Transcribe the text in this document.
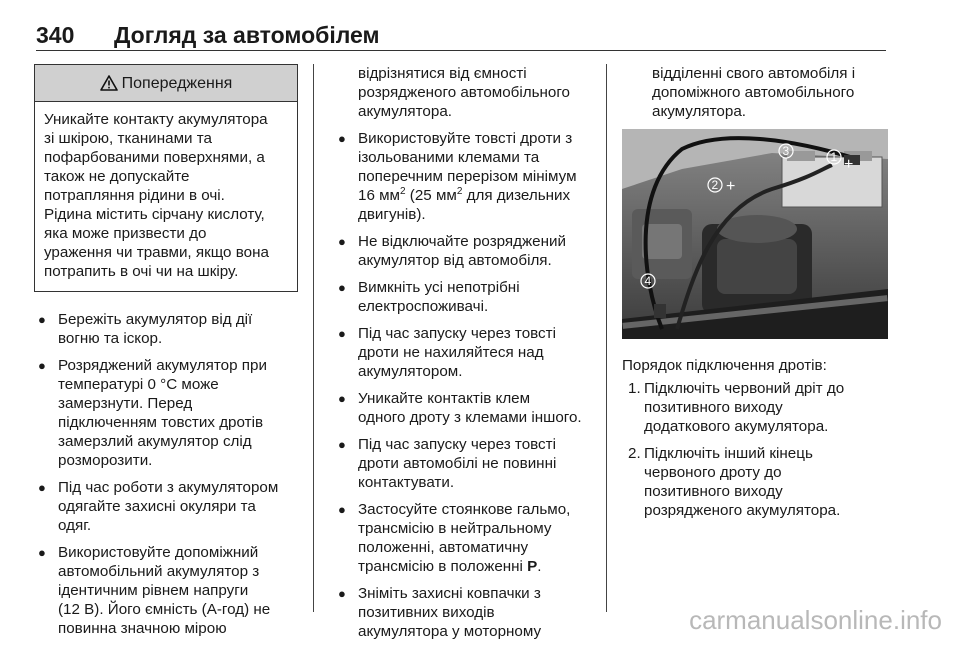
340 Догляд за автомобілем
Попередження
Уникайте контакту акумулятора
зі шкірою, тканинами та
пофарбованими поверхнями, а
також не допускайте
потрапляння рідини в очі.
Рідина містить сірчану кислоту,
яка може призвести до
ураження чи травми, якщо вона
потрапить в очі чи на шкіру.
● Бережіть акумулятор від дії
вогню та іскор.
● Розряджений акумулятор при
температурі 0 °C може
замерзнути. Перед
підключенням товстих дротів
замерзлий акумулятор слід
розморозити.
● Під час роботи з акумулятором
одягайте захисні окуляри та
одяг.
● Використовуйте допоміжний
автомобільний акумулятор з
ідентичним рівнем напруги
(12 В). Його ємність (А-год) не
повинна значною мірою
відрізнятися від ємності
розрядженого автомобільного
акумулятора.
● Використовуйте товсті дроти з
ізольованими клемами та
поперечним перерізом мінімум
16 $мм^2$ (25 $мм^2$ для дизельних
двигунів).
● Не відключайте розряджений
акумулятор від автомобіля.
● Вимкніть усі непотрібні
електроспоживачі.
● Під час запуску через товсті
дроти не нахиляйтеся над
акумулятором.
● Уникайте контактів клем
одного дроту з клемами іншого.
● Під час запуску через товсті
дроти автомобілі не повинні
контактувати.
● Застосуйте стоянкове гальмо,
трансмісію в нейтральному
положенні, автоматичну
трансмісію в положенні P.
● Зніміть захисні ковпачки з
позитивних виходів
акумулятора у моторному
відділенні свого автомобіля і
допоміжного автомобільного
акумулятора.
1
2 +
+
3
4
Порядок підключення дротів:
1. Підключіть червоний дріт до
позитивного виходу
додаткового акумулятора.
2. Підключіть інший кінець
червоного дроту до
позитивного виходу
розрядженого акумулятора.
carmanualsonline.info
